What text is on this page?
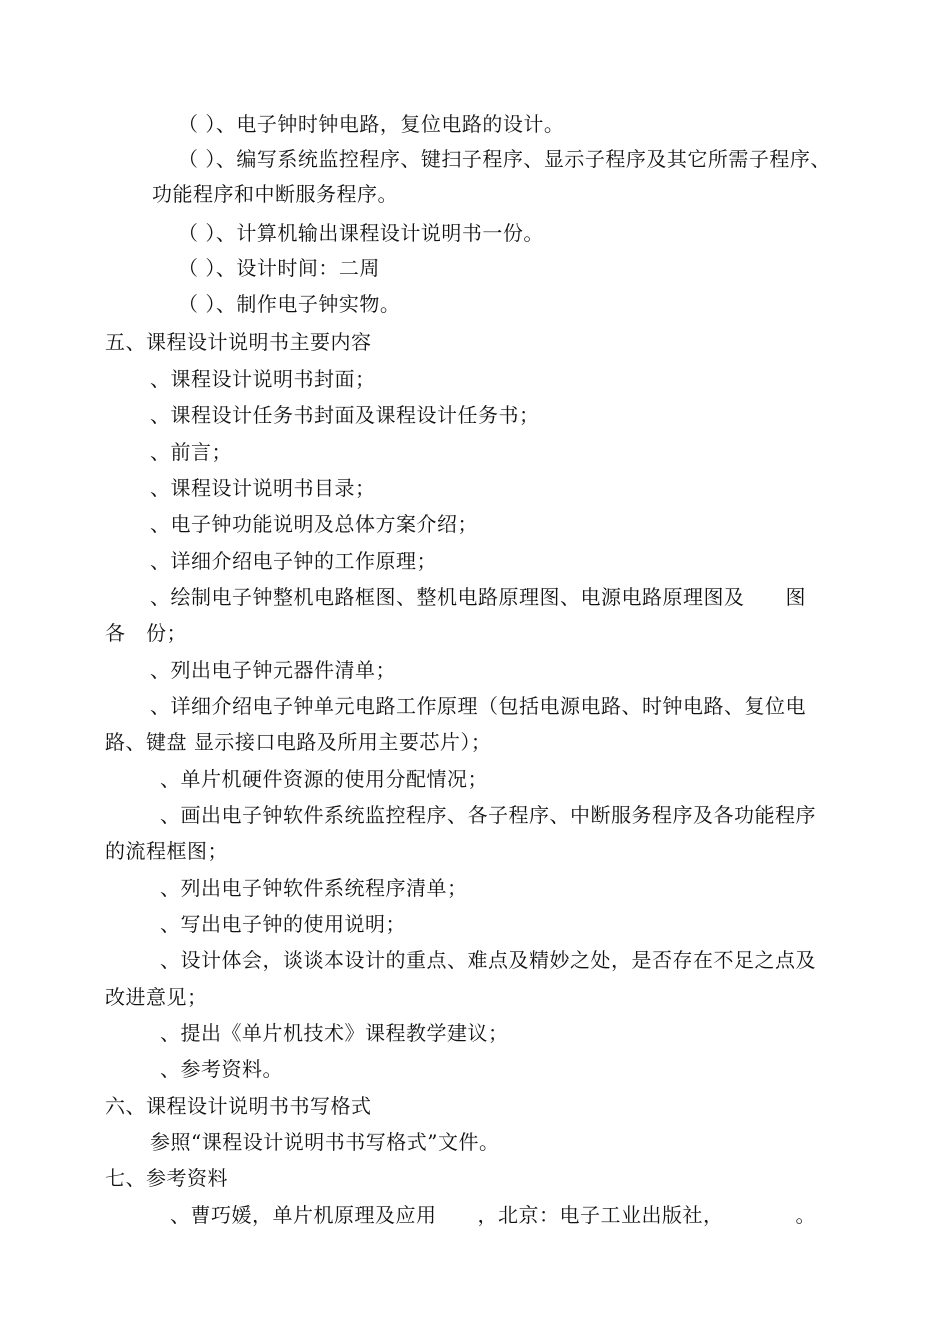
（ ）、电子钟时钟电路，复位电路的设计。
（ ）、编写系统监控程序、键扫子程序、显示子程序及其它所需子程序、
功能程序和中断服务程序。
（ ）、计算机输出课程设计说明书一份。
（ ）、设计时间：二周
（ ）、制作电子钟实物。
五、课程设计说明书主要内容
、课程设计说明书封面；
、课程设计任务书封面及课程设计任务书；
、前言；
、课程设计说明书目录；
、电子钟功能说明及总体方案介绍；
、详细介绍电子钟的工作原理；
、绘制电子钟整机电路框图、整机电路原理图、电源电路原理图及　　图
各　份；
、列出电子钟元器件清单；
、详细介绍电子钟单元电路工作原理（包括电源电路、时钟电路、复位电
路、键盘 显示接口电路及所用主要芯片）；
、单片机硬件资源的使用分配情况；
、画出电子钟软件系统监控程序、各子程序、中断服务程序及各功能程序
的流程框图；
、列出电子钟软件系统程序清单；
、写出电子钟的使用说明；
、设计体会，谈谈本设计的重点、难点及精妙之处，是否存在不足之点及
改进意见；
、提出《单片机技术》课程教学建议；
、参考资料。
六、课程设计说明书书写格式
参照“课程设计说明书书写格式”文件。
七、参考资料
、曹巧媛，单片机原理及应用　　，北京：电子工业出版社，　　　　。
